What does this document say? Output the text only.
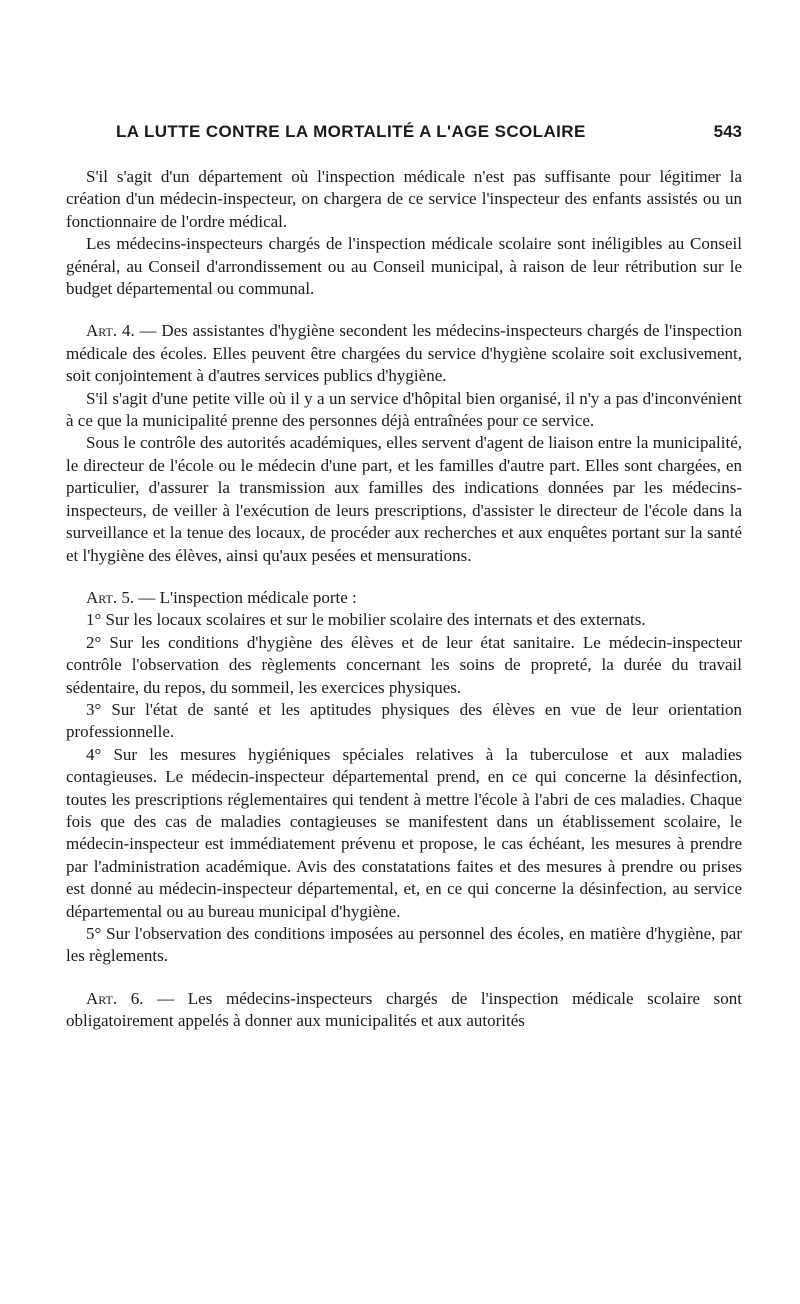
LA LUTTE CONTRE LA MORTALITÉ A L'AGE SCOLAIRE	543

S'il s'agit d'un département où l'inspection médicale n'est pas suffisante pour légitimer la création d'un médecin-inspecteur, on chargera de ce service l'inspecteur des enfants assistés ou un fonctionnaire de l'ordre médical.

Les médecins-inspecteurs chargés de l'inspection médicale scolaire sont inéligibles au Conseil général, au Conseil d'arrondissement ou au Conseil municipal, à raison de leur rétribution sur le budget départemental ou communal.

Art. 4. — Des assistantes d'hygiène secondent les médecins-inspecteurs chargés de l'inspection médicale des écoles. Elles peuvent être chargées du service d'hygiène scolaire soit exclusivement, soit conjointement à d'autres services publics d'hygiène.

S'il s'agit d'une petite ville où il y a un service d'hôpital bien organisé, il n'y a pas d'inconvénient à ce que la municipalité prenne des personnes déjà entraînées pour ce service.

Sous le contrôle des autorités académiques, elles servent d'agent de liaison entre la municipalité, le directeur de l'école ou le médecin d'une part, et les familles d'autre part. Elles sont chargées, en particulier, d'assurer la transmission aux familles des indications données par les médecins-inspecteurs, de veiller à l'exécution de leurs prescriptions, d'assister le directeur de l'école dans la surveillance et la tenue des locaux, de procéder aux recherches et aux enquêtes portant sur la santé et l'hygiène des élèves, ainsi qu'aux pesées et mensurations.

Art. 5. — L'inspection médicale porte :

1° Sur les locaux scolaires et sur le mobilier scolaire des internats et des externats.

2° Sur les conditions d'hygiène des élèves et de leur état sanitaire. Le médecin-inspecteur contrôle l'observation des règlements concernant les soins de propreté, la durée du travail sédentaire, du repos, du sommeil, les exercices physiques.

3° Sur l'état de santé et les aptitudes physiques des élèves en vue de leur orientation professionnelle.

4° Sur les mesures hygiéniques spéciales relatives à la tuberculose et aux maladies contagieuses. Le médecin-inspecteur départemental prend, en ce qui concerne la désinfection, toutes les prescriptions réglementaires qui tendent à mettre l'école à l'abri de ces maladies. Chaque fois que des cas de maladies contagieuses se manifestent dans un établissement scolaire, le médecin-inspecteur est immédiatement prévenu et propose, le cas échéant, les mesures à prendre par l'administration académique. Avis des constatations faites et des mesures à prendre ou prises est donné au médecin-inspecteur départemental, et, en ce qui concerne la désinfection, au service départemental ou au bureau municipal d'hygiène.

5° Sur l'observation des conditions imposées au personnel des écoles, en matière d'hygiène, par les règlements.

Art. 6. — Les médecins-inspecteurs chargés de l'inspection médicale scolaire sont obligatoirement appelés à donner aux municipalités et aux autorités
